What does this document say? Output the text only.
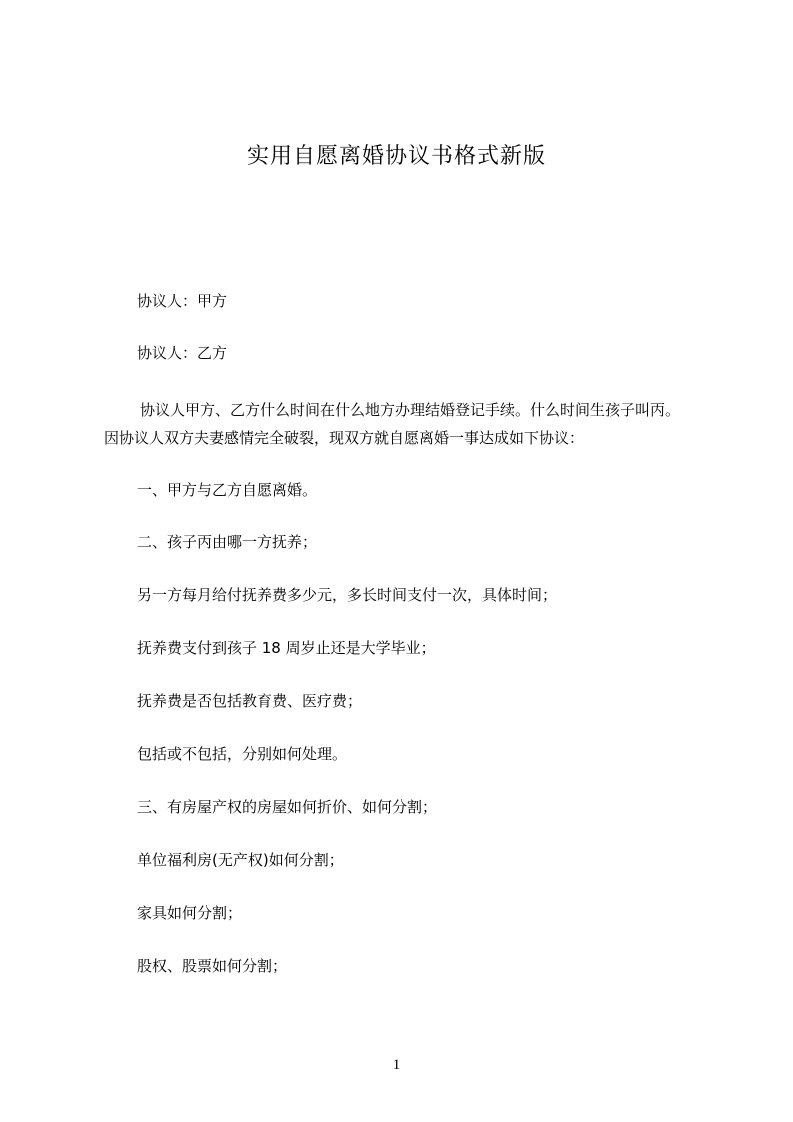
实用自愿离婚协议书格式新版
协议人：甲方
协议人：乙方
协议人甲方、乙方什么时间在什么地方办理结婚登记手续。什么时间生孩子叫丙。
因协议人双方夫妻感情完全破裂，现双方就自愿离婚一事达成如下协议：
一、甲方与乙方自愿离婚。
二、孩子丙由哪一方抚养；
另一方每月给付抚养费多少元，多长时间支付一次，具体时间；
抚养费支付到孩子 18 周岁止还是大学毕业；
抚养费是否包括教育费、医疗费；
包括或不包括，分别如何处理。
三、有房屋产权的房屋如何折价、如何分割；
单位福利房(无产权)如何分割；
家具如何分割；
股权、股票如何分割；
1
